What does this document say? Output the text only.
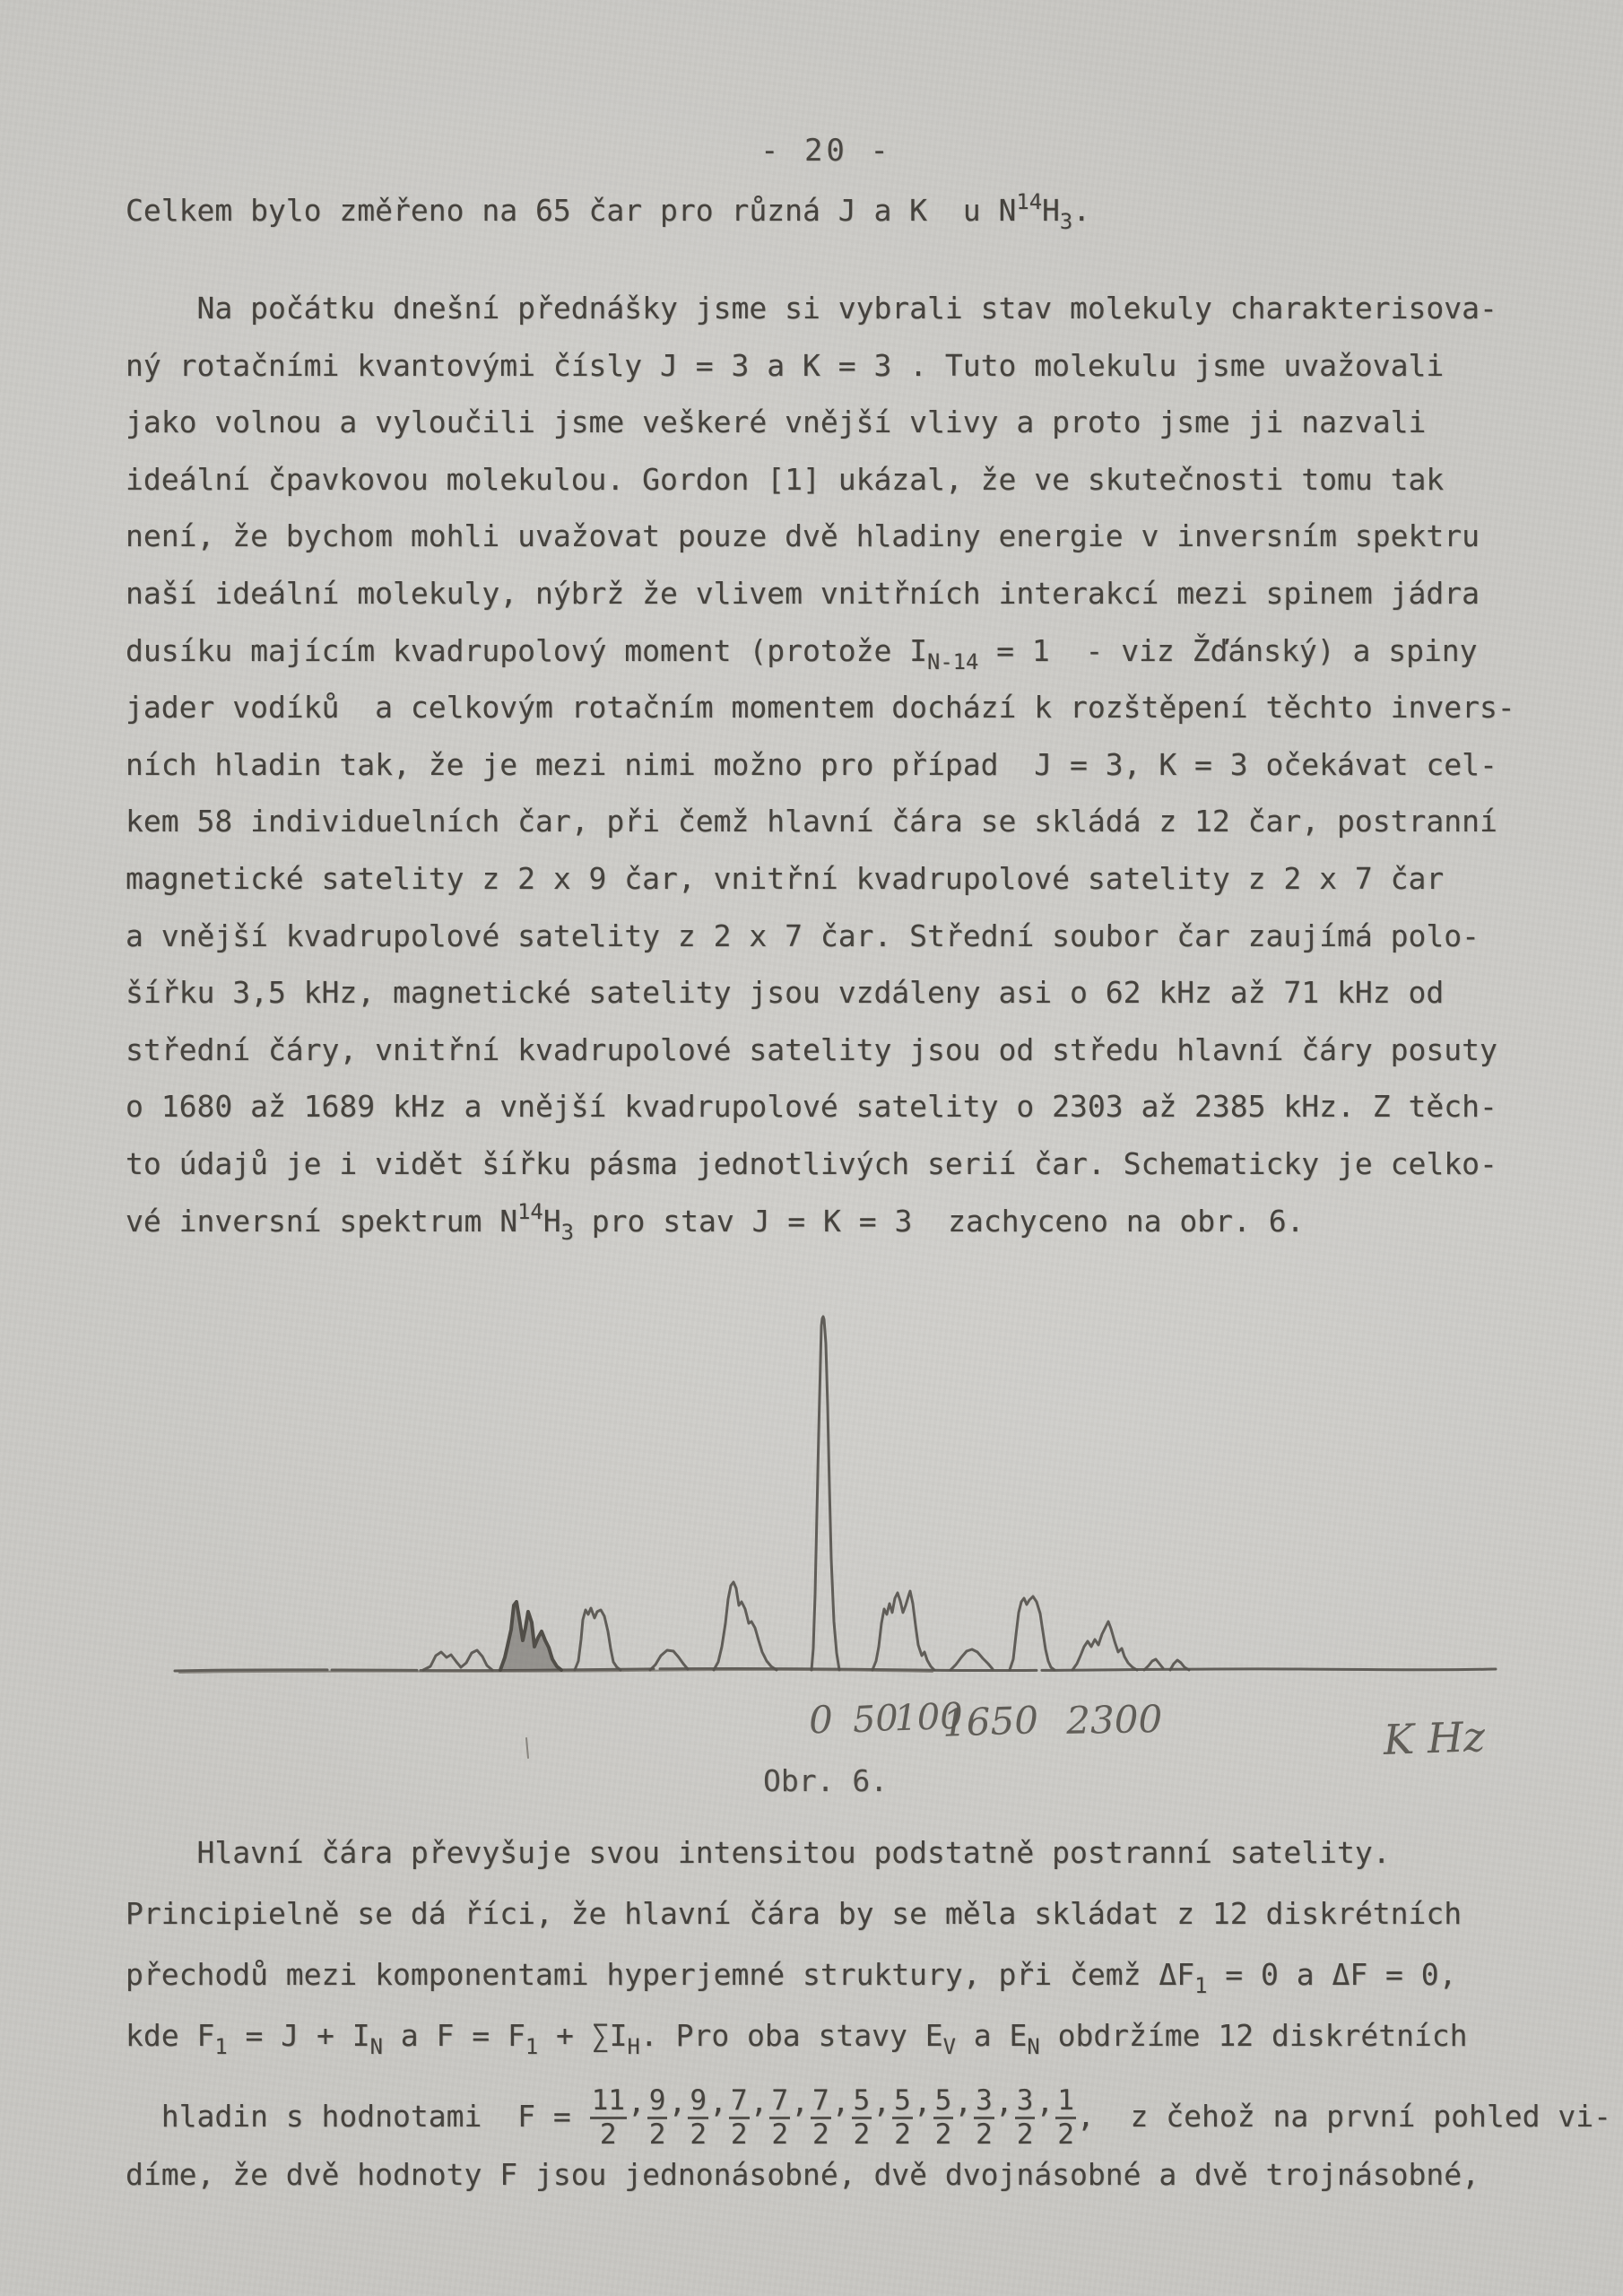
- 20 -
Celkem bylo změřeno na 65 čar pro různá J a K  u $N^{14}H_3$.
Na počátku dnešní přednášky jsme si vybrali stav molekuly charakterisova-
ný rotačními kvantovými čísly J = 3 a K = 3 . Tuto molekulu jsme uvažovali
jako volnou a vyloučili jsme veškeré vnější vlivy a proto jsme ji nazvali
ideální čpavkovou molekulou. Gordon [1] ukázal, že ve skutečnosti tomu tak
není, že bychom mohli uvažovat pouze dvě hladiny energie v inversním spektru
naší ideální molekuly, nýbrž že vlivem vnitřních interakcí mezi spinem jádra
dusíku majícím kvadrupolový moment (protože $I_{N-14} = 1$  - viz Žďánský) a spiny
jader vodíků  a celkovým rotačním momentem dochází k rozštěpení těchto invers-
ních hladin tak, že je mezi nimi možno pro případ  J = 3, K = 3 očekávat cel-
kem 58 individuelních čar, při čemž hlavní čára se skládá z 12 čar, postranní
magnetické satelity z 2 x 9 čar, vnitřní kvadrupolové satelity z 2 x 7 čar
a vnější kvadrupolové satelity z 2 x 7 čar. Střední soubor čar zaujímá polo-
šířku 3,5 kHz, magnetické satelity jsou vzdáleny asi o 62 kHz až 71 kHz od
střední čáry, vnitřní kvadrupolové satelity jsou od středu hlavní čáry posuty
o 1680 až 1689 kHz a vnější kvadrupolové satelity o 2303 až 2385 kHz. Z těch-
to údajů je i vidět šířku pásma jednotlivých serií čar. Schematicky je celko-
vé inversní spektrum $N^{14}H_3$ pro stav J = K = 3  zachyceno na obr. 6.
0 50
100
1650 2300	K Hz
Obr. 6.
Hlavní čára převyšuje svou intensitou podstatně postranní satelity.
Principielně se dá říci, že hlavní čára by se měla skládat z 12 diskrétních
přechodů mezi komponentami hyperjemné struktury, při čemž $\Delta F_1 = 0$ a ΔF = 0,
kde $F_1 = J + I_N$ a $F = F_1 + \sum I_H$. Pro oba stavy $E_V$ a $E_N$ obdržíme 12 diskrétních

hladin s hodnotami  $F = \frac{11}{2}$ , $\frac{9}{2}$ , $\frac{9}{2}$ , $\frac{7}{2}$ , $\frac{7}{2}$ , $\frac{7}{2}$ , $\frac{5}{2}$ , $\frac{5}{2}$ , $\frac{5}{2}$ , $\frac{3}{2}$ , $\frac{3}{2}$ , $\frac{1}{2}$ ,  z čehož na první pohled vi-

díme, že dvě hodnoty F jsou jednonásobné, dvě dvojnásobné a dvě trojnásobné,
